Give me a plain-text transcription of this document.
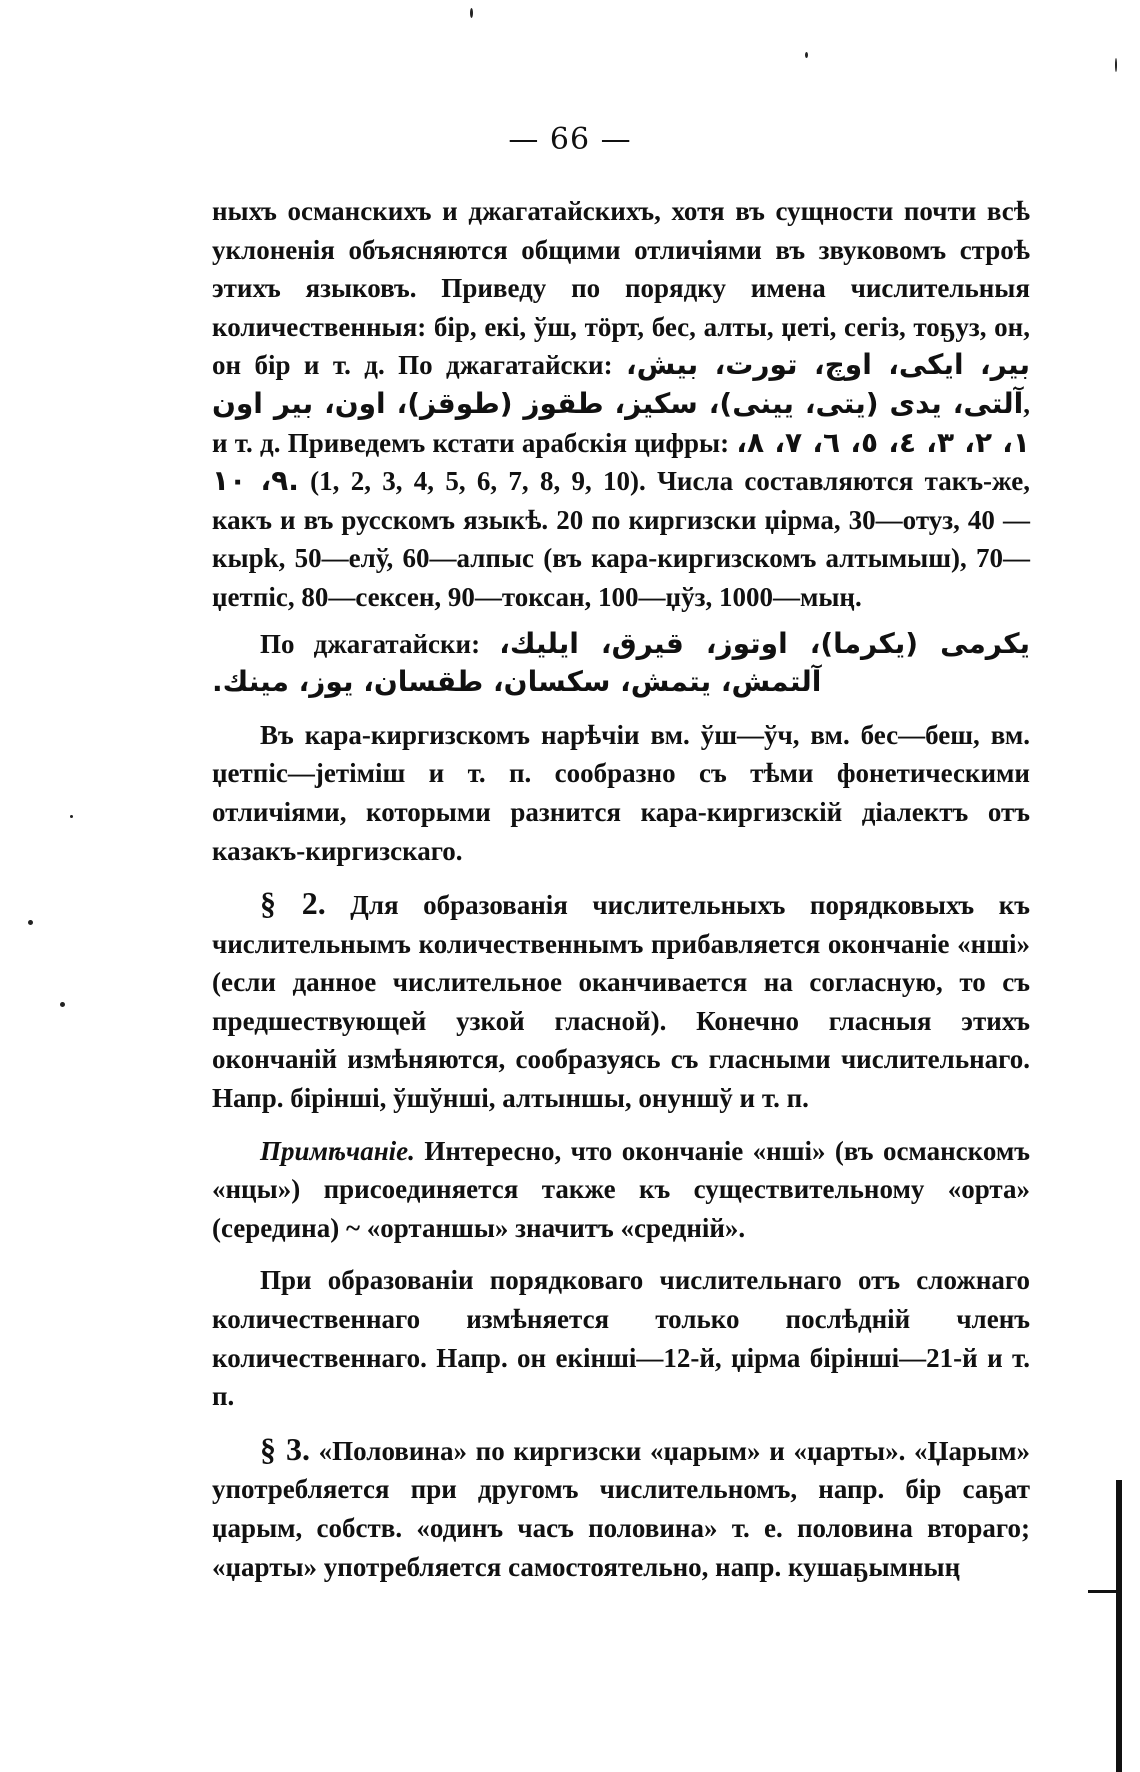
— 66 —

ныхъ османскихъ и джагатайскихъ, хотя въ сущности почти всѣ уклоненія объясняются общими отличіями въ звуковомъ строѣ этихъ языковъ. Приведу по порядку имена числительныя количественныя: бір, екі, ўш, тöрт, бес, алты, џеті, сегіз, тоҕуз, он, он бір и т. д. По джагатайски: بير، ايكى، اوچ، تورت، بيش، آلتى، يدى (يتى، يينى)، سكيز، طقوز (طوقز)، اون، بير اون, и т. д. Приведемъ кстати арабскія цифры: ١، ٢، ٣، ٤، ٥، ٦، ٧، ٨، ٩، ١٠. (1, 2, 3, 4, 5, 6, 7, 8, 9, 10). Числа составляются такъ-же, какъ и въ русскомъ языкѣ. 20 по киргизски џірма, 30—отуз, 40 — кырk, 50—елў, 60—алпыс (въ кара-киргизскомъ алтымыш), 70—џетпіс, 80—сексен, 90—токсан, 100—џўз, 1000—мың.

По джагатайски: يكرمى (يكرما)، اوتوز، قيرق، ايليك، آلتمش، يتمش، سكسان، طقسان، يوز، مينك.

Въ кара-киргизскомъ нарѣчіи вм. ўш—ўч, вм. бес—беш, вм. џетпіс—јетіміш и т. п. сообразно съ тѣми фонетическими отличіями, которыми разнится кара-киргизскій діалектъ отъ казакъ-киргизскаго.

§ 2. Для образованія числительныхъ порядковыхъ къ числительнымъ количественнымъ прибавляется окончаніе «нші» (если данное числительное оканчивается на согласную, то съ предшествующей узкой гласной). Конечно гласныя этихъ окончаній измѣняются, сообразуясь съ гласными числительнаго. Напр. бірінші, ўшўнші, алтыншы, онуншў и т. п.

Примѣчаніе. Интересно, что окончаніе «нші» (въ османскомъ «нцы») присоединяется также къ существительному «орта» (середина) ~ «ортаншы» значитъ «средній».

При образованіи порядковаго числительнаго отъ сложнаго количественнаго измѣняется только послѣдній членъ количественнаго. Напр. он екінші—12-й, џірма бірінші—21-й и т. п.

§ 3. «Половина» по киргизски «џарым» и «џарты». «Џарым» употребляется при другомъ числительномъ, напр. бір саҕат џарым, собств. «одинъ часъ половина» т. е. половина втораго; «џарты» употребляется самостоятельно, напр. кушаҕымның
